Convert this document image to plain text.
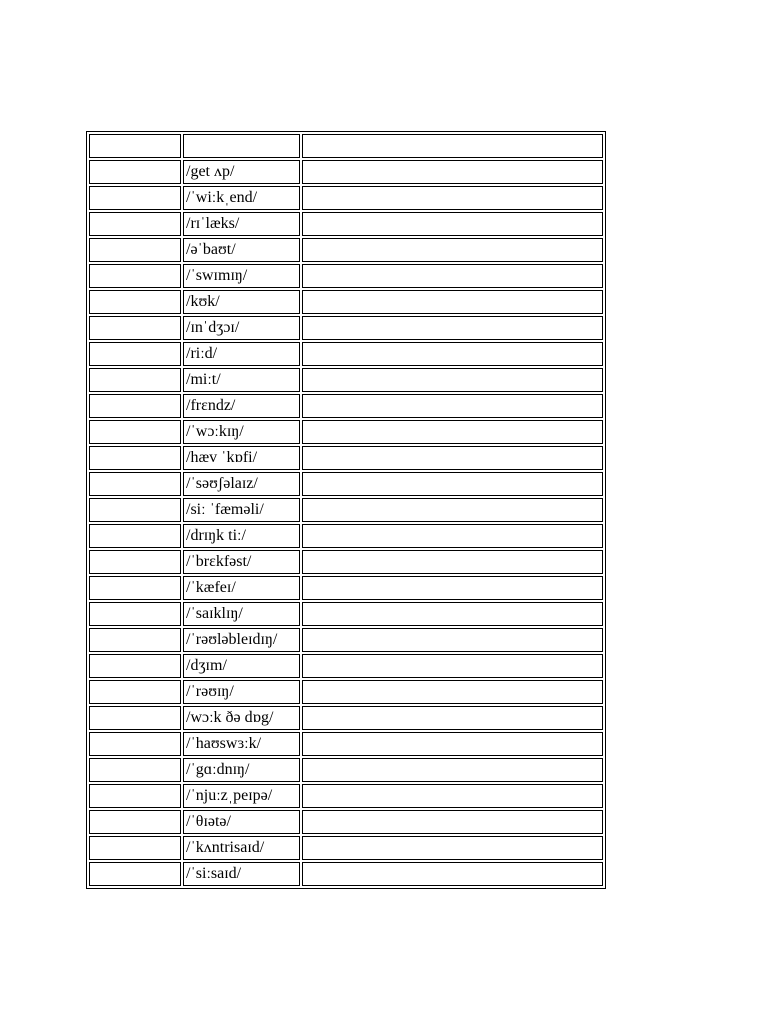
	/get ʌp/	
	/ˈwiːkˌend/	
	/rɪˈlæks/	
	/əˈbaʊt/	
	/ˈswɪmɪŋ/	
	/kʊk/	
	/ɪnˈdʒɔɪ/	
	/riːd/	
	/miːt/	
	/frɛndz/	
	/ˈwɔːkɪŋ/	
	/hæv ˈkɒfi/	
	/ˈsəʊʃəlaɪz/	
	/siː ˈfæməli/	
	/drɪŋk tiː/	
	/ˈbrɛkfəst/	
	/ˈkæfeɪ/	
	/ˈsaɪklɪŋ/	
	/ˈrəʊləbleɪdɪŋ/	
	/dʒɪm/	
	/ˈrəʊɪŋ/	
	/wɔːk ðə dɒg/	
	/ˈhaʊswɜːk/	
	/ˈgɑːdnɪŋ/	
	/ˈnjuːzˌpeɪpə/	
	/ˈθɪətə/	
	/ˈkʌntrisaɪd/	
	/ˈsiːsaɪd/	
